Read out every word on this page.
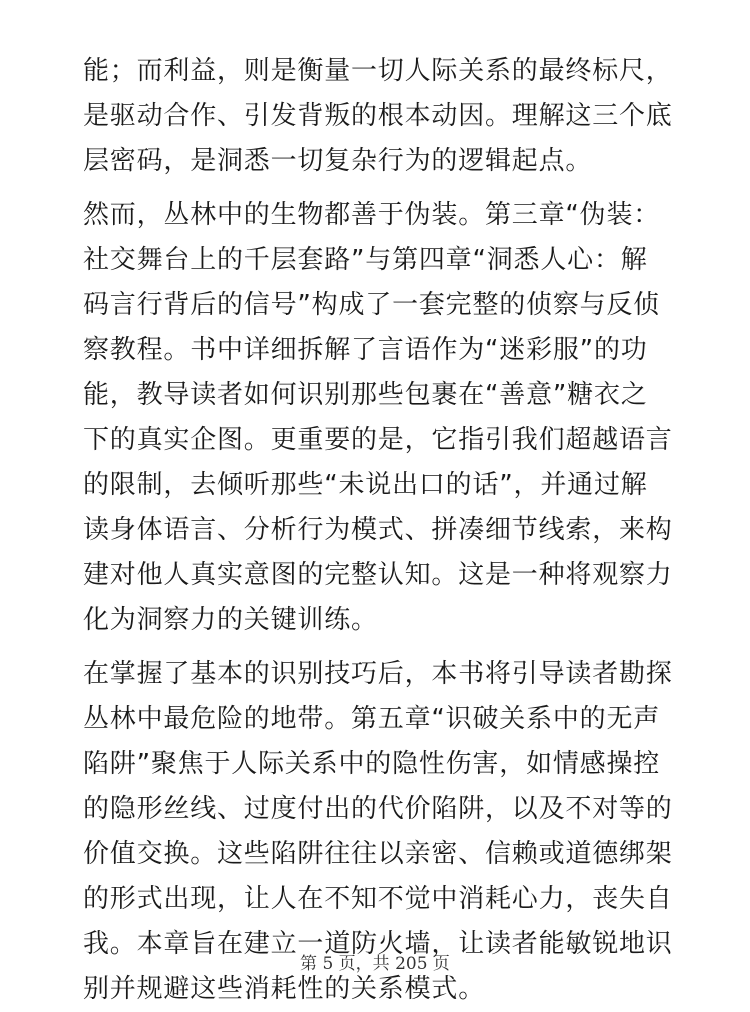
能；而利益，则是衡量一切人际关系的最终标尺，
是驱动合作、引发背叛的根本动因。理解这三个底
层密码，是洞悉一切复杂行为的逻辑起点。

然而，丛林中的生物都善于伪装。第三章“伪装：
社交舞台上的千层套路”与第四章“洞悉人心：解
码言行背后的信号”构成了一套完整的侦察与反侦
察教程。书中详细拆解了言语作为“迷彩服”的功
能，教导读者如何识别那些包裹在“善意”糖衣之
下的真实企图。更重要的是，它指引我们超越语言
的限制，去倾听那些“未说出口的话”，并通过解
读身体语言、分析行为模式、拼凑细节线索，来构
建对他人真实意图的完整认知。这是一种将观察力
化为洞察力的关键训练。

在掌握了基本的识别技巧后，本书将引导读者勘探
丛林中最危险的地带。第五章“识破关系中的无声
陷阱”聚焦于人际关系中的隐性伤害，如情感操控
的隐形丝线、过度付出的代价陷阱，以及不对等的
价值交换。这些陷阱往往以亲密、信赖或道德绑架
的形式出现，让人在不知不觉中消耗心力，丧失自
我。本章旨在建立一道防火墙，让读者能敏锐地识
别并规避这些消耗性的关系模式。

第 5 页，共 205 页
